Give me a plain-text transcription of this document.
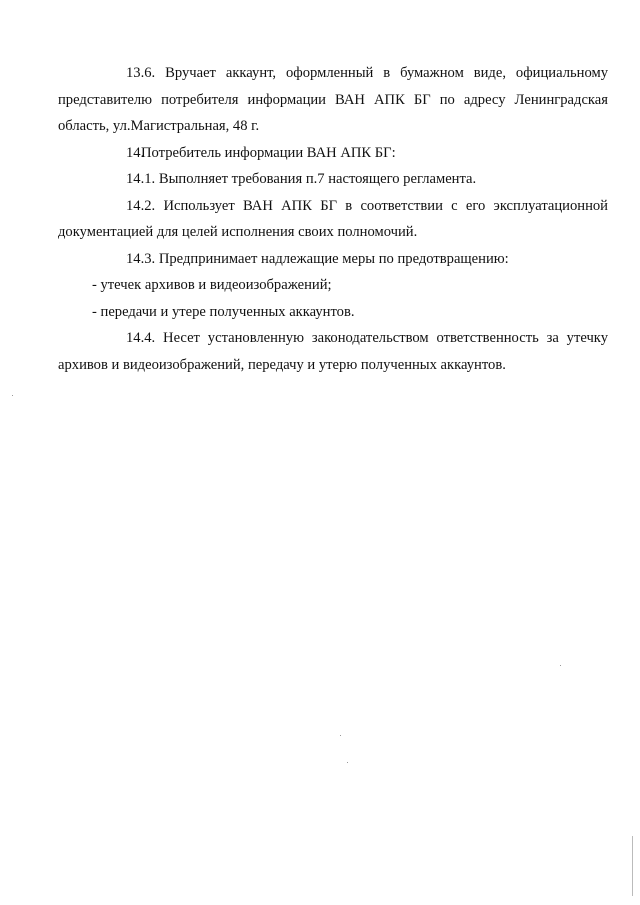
13.6. Вручает аккаунт, оформленный в бумажном виде, официальному представителю потребителя информации ВАН АПК БГ по адресу Ленинградская область, ул.Магистральная, 48 г.

14.Потребитель информации ВАН АПК БГ:

14.1. Выполняет требования п.7 настоящего регламента.

14.2. Использует ВАН АПК БГ в соответствии с его эксплуатационной документацией для целей исполнения своих полномочий.

14.3. Предпринимает надлежащие меры по предотвращению:

- утечек архивов и видеоизображений;

- передачи и утере полученных аккаунтов.

14.4. Несет установленную законодательством ответственность за утечку архивов и видеоизображений, передачу и утерю полученных аккаунтов.
